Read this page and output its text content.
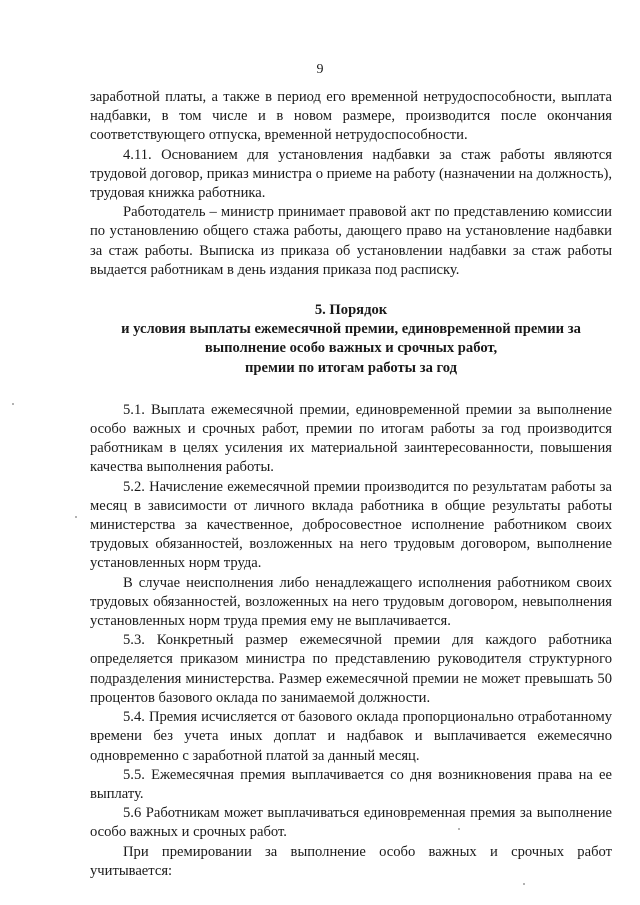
9

заработной платы, а также в период его временной нетрудоспособности, выплата надбавки, в том числе и в новом размере, производится после окончания соответствующего отпуска, временной нетрудоспособности.

4.11. Основанием для установления надбавки за стаж работы являются трудовой договор, приказ министра о приеме на работу (назначении на должность), трудовая книжка работника.

Работодатель – министр принимает правовой акт по представлению комиссии по установлению общего стажа работы, дающего право на установление надбавки за стаж работы. Выписка из приказа об установлении надбавки за стаж работы выдается работникам в день издания приказа под расписку.

5. Порядок
и условия выплаты ежемесячной премии, единовременной премии за
выполнение особо важных и срочных работ,
премии по итогам работы за год

5.1. Выплата ежемесячной премии, единовременной премии за выполнение особо важных и срочных работ, премии по итогам работы за год производится работникам в целях усиления их материальной заинтересованности, повышения качества выполнения работы.

5.2. Начисление ежемесячной премии производится по результатам работы за месяц в зависимости от личного вклада работника в общие результаты работы министерства за качественное, добросовестное исполнение работником своих трудовых обязанностей, возложенных на него трудовым договором, выполнение установленных норм труда.

В случае неисполнения либо ненадлежащего исполнения работником своих трудовых обязанностей, возложенных на него трудовым договором, невыполнения установленных норм труда премия ему не выплачивается.

5.3. Конкретный размер ежемесячной премии для каждого работника определяется приказом министра по представлению руководителя структурного подразделения министерства. Размер ежемесячной премии не может превышать 50 процентов базового оклада по занимаемой должности.

5.4. Премия исчисляется от базового оклада пропорционально отработанному времени без учета иных доплат и надбавок и выплачивается ежемесячно одновременно с заработной платой за данный месяц.

5.5. Ежемесячная премия выплачивается со дня возникновения права на ее выплату.

5.6 Работникам может выплачиваться единовременная премия за выполнение особо важных и срочных работ.

При премировании за выполнение особо важных и срочных работ учитывается:
